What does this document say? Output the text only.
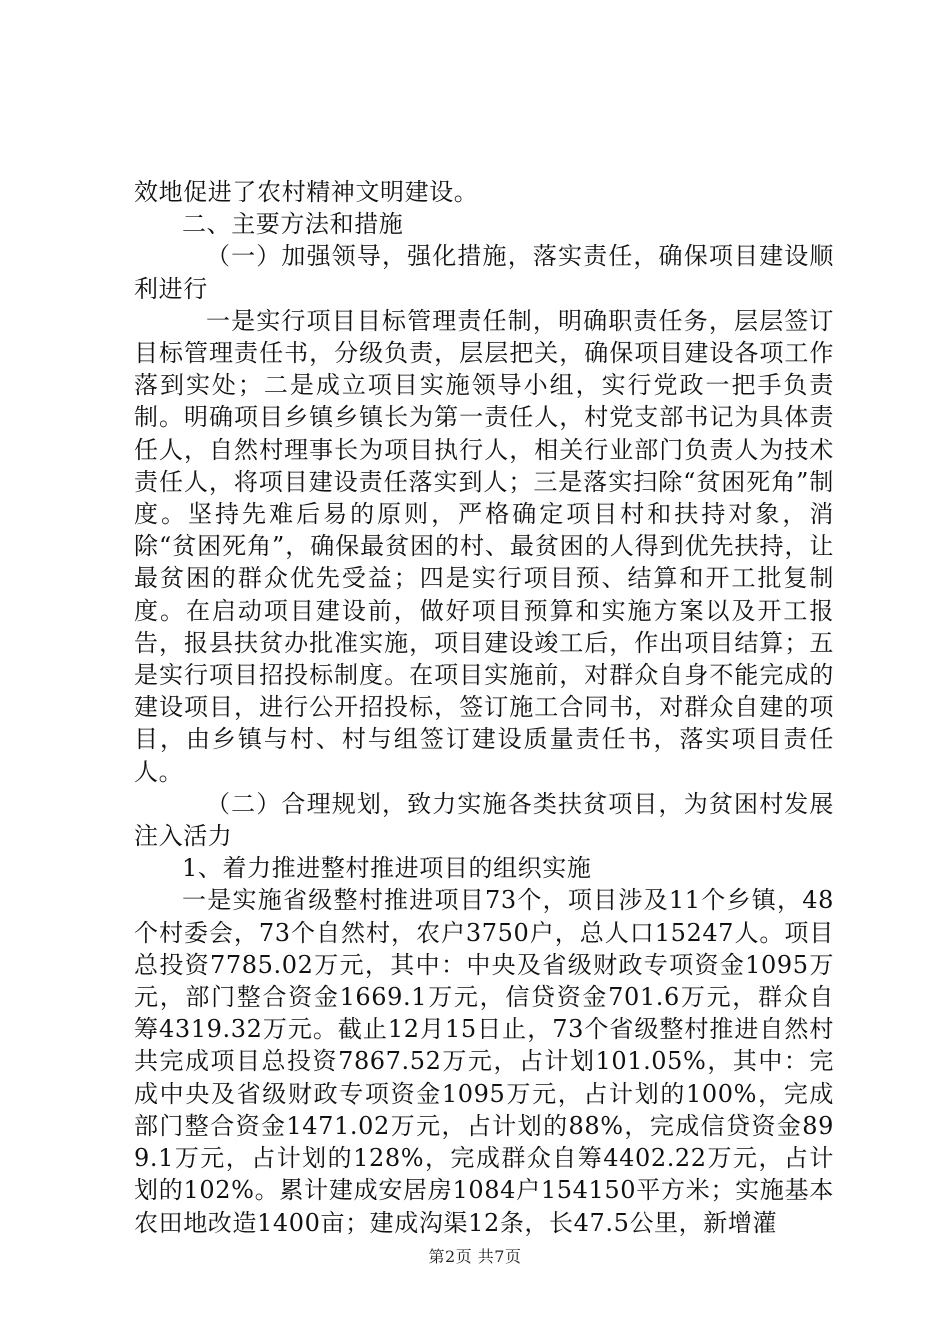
效地促进了农村精神文明建设。

二、主要方法和措施

（一）加强领导，强化措施，落实责任，确保项目建设顺利进行

一是实行项目目标管理责任制，明确职责任务，层层签订目标管理责任书，分级负责，层层把关，确保项目建设各项工作落到实处；二是成立项目实施领导小组，实行党政一把手负责制。明确项目乡镇乡镇长为第一责任人，村党支部书记为具体责任人，自然村理事长为项目执行人，相关行业部门负责人为技术责任人，将项目建设责任落实到人；三是落实扫除“贫困死角”制度。坚持先难后易的原则，严格确定项目村和扶持对象，消除“贫困死角”，确保最贫困的村、最贫困的人得到优先扶持，让最贫困的群众优先受益；四是实行项目预、结算和开工批复制度。在启动项目建设前，做好项目预算和实施方案以及开工报告，报县扶贫办批准实施，项目建设竣工后，作出项目结算；五是实行项目招投标制度。在项目实施前，对群众自身不能完成的建设项目，进行公开招投标，签订施工合同书，对群众自建的项目，由乡镇与村、村与组签订建设质量责任书，落实项目责任人。

（二）合理规划，致力实施各类扶贫项目，为贫困村发展注入活力

1、着力推进整村推进项目的组织实施

一是实施省级整村推进项目73个，项目涉及11个乡镇，48个村委会，73个自然村，农户3750户，总人口15247人。项目总投资7785.02万元，其中：中央及省级财政专项资金1095万元，部门整合资金1669.1万元，信贷资金701.6万元，群众自筹4319.32万元。截止12月15日止，73个省级整村推进自然村共完成项目总投资7867.52万元，占计划101.05%，其中：完成中央及省级财政专项资金1095万元，占计划的100%，完成部门整合资金1471.02万元，占计划的88%，完成信贷资金899.1万元，占计划的128%，完成群众自筹4402.22万元，占计划的102%。累计建成安居房1084户154150平方米；实施基本农田地改造1400亩；建成沟渠12条，长47.5公里，新增灌

第2页 共7页
